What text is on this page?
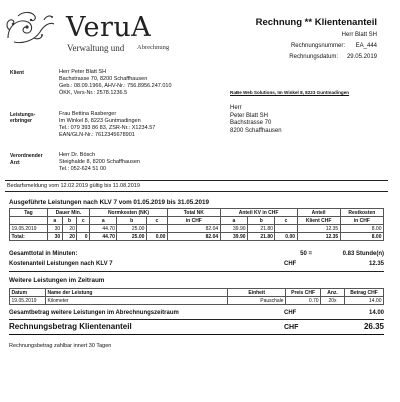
VeruA
Verwaltung und Abrechnung
Rechnung ** Klientenanteil
Herr Blatt SH
Rechnungsnummer: EA_444
Rechnungsdatum: 29.05.2019
Klient	Herr Peter Blatt SH
Bachstrasse 70, 8200 Schaffhausen
Geb.: 08.09.1966, AHV-Nr.: 756.8956.247.010
ÖKK, Vers-Nr.: 2578.1236.5
Leistungs-
erbringer
Frau Bettina Rasberger
Im Winkel 8, 8223 Guntmadingen
Tel.: 079 393 86 83, ZSR-Nr.: X1234.57
EAN/GLN-Nr.: 7612345678901
Verordnender
Arzt
Herr Dr. Bösch
Steighalde 8, 8200 Schaffhausen
Tel.: 052-624 51 00
RaBe Web Solutions, Im Winkel 8, 8223 Guntmadingen
Herr
Peter Blatt SH
Bachstrasse 70
8200 Schaffhausen
Bedarfsmeldung vom 12.02.2019 gültig bis 11.08.2019
Ausgeführte Leistungen nach KLV 7 vom 01.05.2019 bis 31.05.2019
Tag	Dauer Min.			Normkosten (NK)			Total NK	Anteil KV in CHF			Anteil	Restkosten
	a	b	c	a	b	c	in CHF	a	b	c	Klient CHF	in CHF
19.05.2019	30	20		44.70	25.00		82.04	39.90	21.80		12.35	8.00
Total:	30	20	0	44.70	25.00	0.00	82.04	39.90	21.80	0.00	12.35	8.00
Gesamttotal in Minuten:	50 =	0.83 Stunde(n)
Kostenanteil Leistungen nach KLV 7	CHF	12.35
Weitere Leistungen im Zeitraum
Datum	Name der Leistung	Einheit	Preis CHF	Anz.	Betrag CHF
19.05.2019	Kilometer	Pauschale	0.70	20x	14.00
Gesamtbetrag weitere Leistungen im Abrechnungszeitraum	CHF	14.00
Rechnungsbetrag Klientenanteil	CHF	26.35
Rechnungsbetrag zahlbar innert 30 Tagen
